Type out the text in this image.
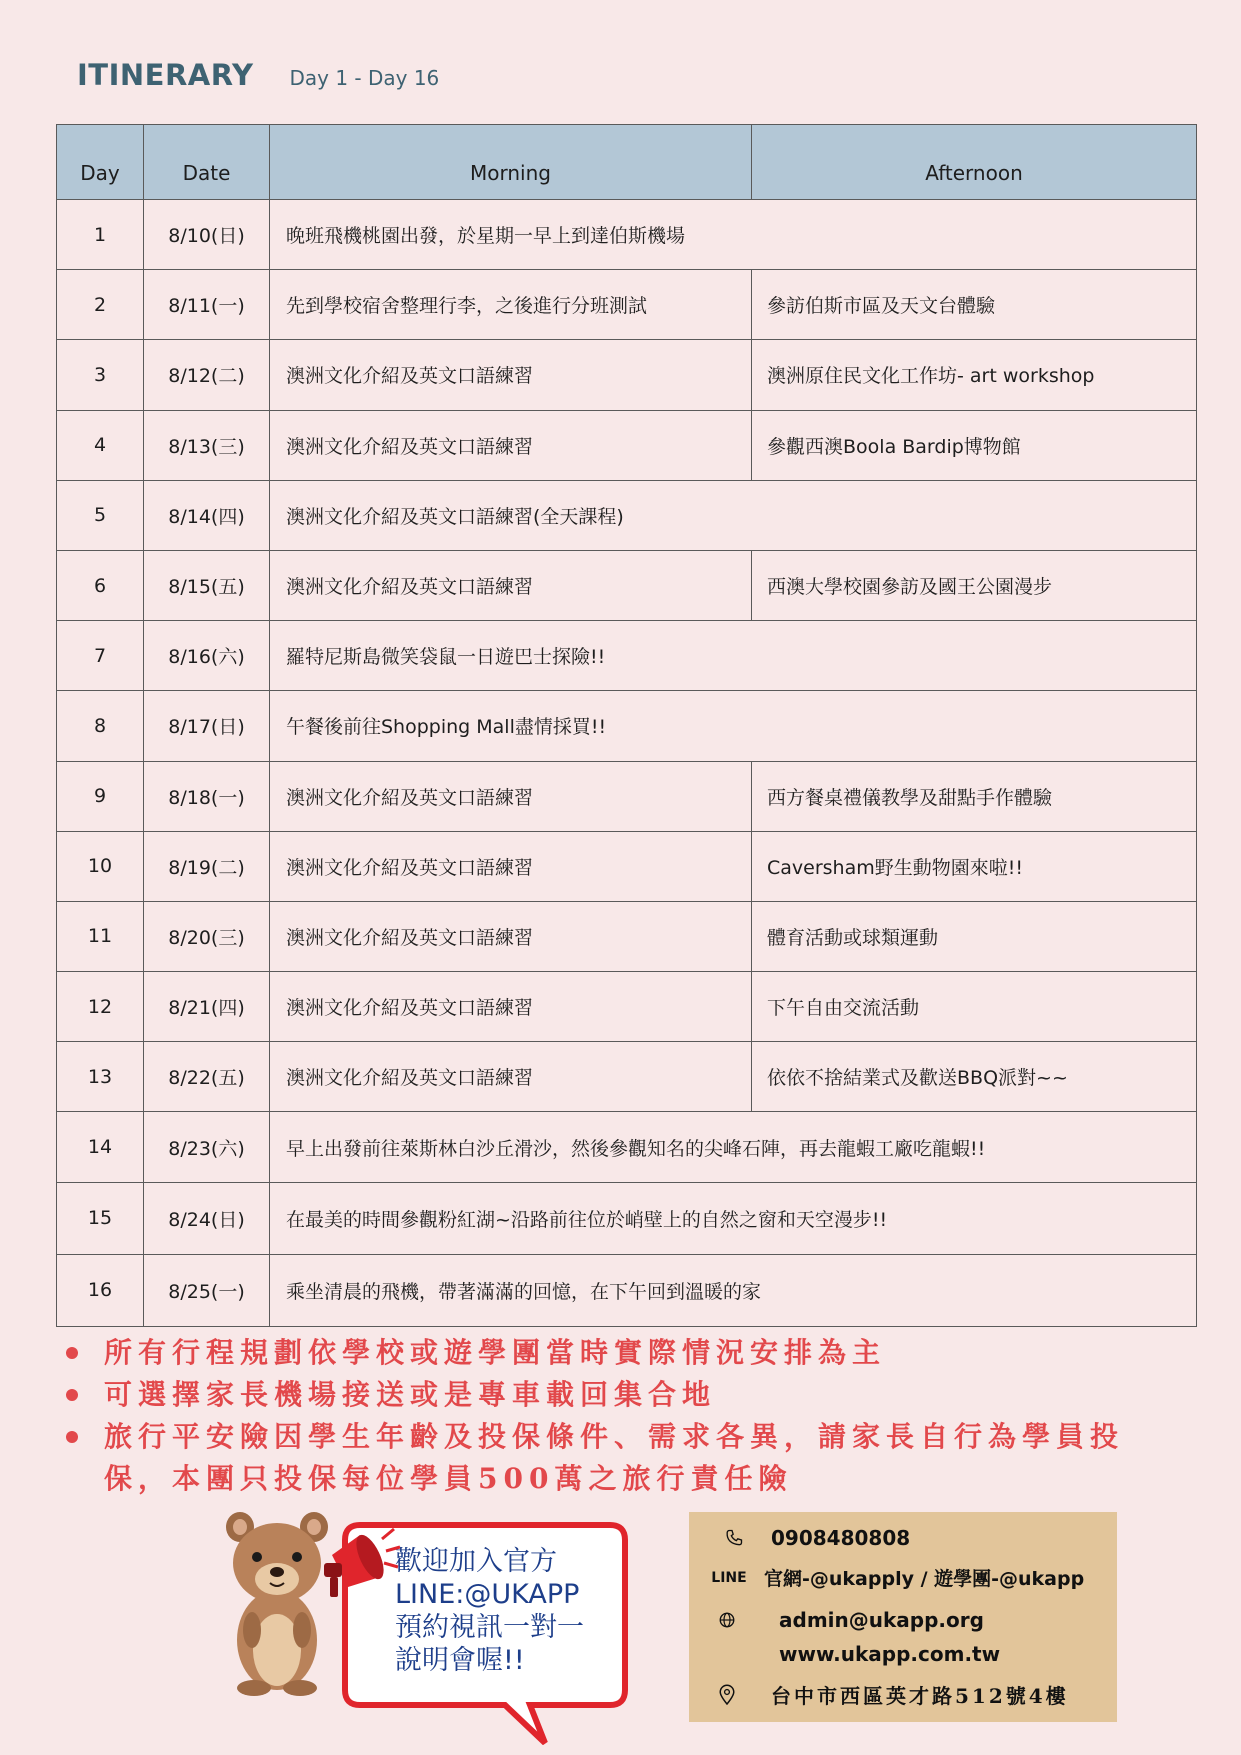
ITINERARY Day 1 - Day 16
Day	Date	Morning	Afternoon
1	8/10(日)	晚班飛機桃園出發，於星期一早上到達伯斯機場	
2	8/11(一)	先到學校宿舍整理行李，之後進行分班測試	參訪伯斯市區及天文台體驗
3	8/12(二)	澳洲文化介紹及英文口語練習	澳洲原住民文化工作坊- art workshop
4	8/13(三)	澳洲文化介紹及英文口語練習	參觀西澳Boola Bardip博物館
5	8/14(四)	澳洲文化介紹及英文口語練習(全天課程)	
6	8/15(五)	澳洲文化介紹及英文口語練習	西澳大學校園參訪及國王公園漫步
7	8/16(六)	羅特尼斯島微笑袋鼠一日遊巴士探險!!	
8	8/17(日)	午餐後前往Shopping Mall盡情採買!!	
9	8/18(一)	澳洲文化介紹及英文口語練習	西方餐桌禮儀教學及甜點手作體驗
10	8/19(二)	澳洲文化介紹及英文口語練習	Caversham野生動物園來啦!!
11	8/20(三)	澳洲文化介紹及英文口語練習	體育活動或球類運動
12	8/21(四)	澳洲文化介紹及英文口語練習	下午自由交流活動
13	8/22(五)	澳洲文化介紹及英文口語練習	依依不捨結業式及歡送BBQ派對~~
14	8/23(六)	早上出發前往萊斯林白沙丘滑沙，然後參觀知名的尖峰石陣，再去龍蝦工廠吃龍蝦!!	
15	8/24(日)	在最美的時間參觀粉紅湖~沿路前往位於峭壁上的自然之窗和天空漫步!!	
16	8/25(一)	乘坐清晨的飛機，帶著滿滿的回憶，在下午回到溫暖的家	
所有行程規劃依學校或遊學團當時實際情況安排為主
可選擇家長機場接送或是專車載回集合地
旅行平安險因學生年齡及投保條件、需求各異，請家長自行為學員投保，本團只投保每位學員500萬之旅行責任險
歡迎加入官方
LINE:@UKAPP
預約視訊一對一
說明會喔!!
0908480808
LINE 官網-@ukapply / 遊學團-@ukapp
admin@ukapp.org
www.ukapp.com.tw
台中市西區英才路512號4樓
